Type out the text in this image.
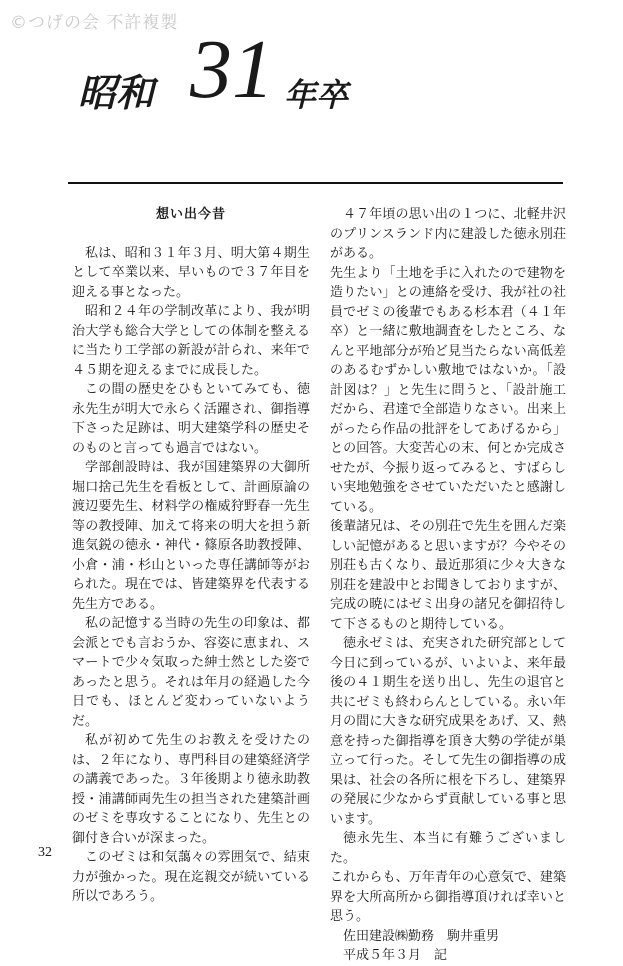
©つげの会 不許複製
昭和 31 年卒
想い出今昔

私は、昭和３１年３月、明大第４期生として卒業以来、早いもので３７年目を迎える事となった。

昭和２４年の学制改革により、我が明治大学も総合大学としての体制を整えるに当たり工学部の新設が計られ、来年で４５期を迎えるまでに成長した。

この間の歴史をひもといてみても、徳永先生が明大で永らく活躍され、御指導下さった足跡は、明大建築学科の歴史そのものと言っても過言ではない。

学部創設時は、我が国建築界の大御所堀口捨己先生を看板として、計画原論の渡辺要先生、材料学の権威狩野春一先生等の教授陣、加えて将来の明大を担う新進気鋭の徳永・神代・篠原各助教授陣、小倉・浦・杉山といった専任講師等がおられた。現在では、皆建築界を代表する先生方である。

私の記憶する当時の先生の印象は、都会派とでも言おうか、容姿に恵まれ、スマートで少々気取った紳士然とした姿であったと思う。それは年月の経過した今日でも、ほとんど変わっていないようだ。

私が初めて先生のお教えを受けたのは、２年になり、専門科目の建築経済学の講義であった。３年後期より徳永助教授・浦講師両先生の担当された建築計画のゼミを専攻することになり、先生との御付き合いが深まった。

このゼミは和気藹々の雰囲気で、結束力が強かった。現在迄親交が続いている所以であろう。

４７年頃の思い出の１つに、北軽井沢のプリンスランド内に建設した徳永別荘がある。

先生より「土地を手に入れたので建物を造りたい」との連絡を受け、我が社の社員でゼミの後輩でもある杉本君（４１年卒）と一緒に敷地調査をしたところ、なんと平地部分が殆ど見当たらない高低差のあるむずかしい敷地ではないか。「設計図は？」と先生に問うと、「設計施工だから、君達で全部造りなさい。出来上がったら作品の批評をしてあげるから」との回答。大変苦心の末、何とか完成させたが、今振り返ってみると、すばらしい実地勉強をさせていただいたと感謝している。

後輩諸兄は、その別荘で先生を囲んだ楽しい記憶があると思いますが？今やその別荘も古くなり、最近那須に少々大きな別荘を建設中とお聞きしておりますが、完成の暁にはゼミ出身の諸兄を御招待して下さるものと期待している。

徳永ゼミは、充実された研究部として今日に到っているが、いよいよ、来年最後の４１期生を送り出し、先生の退官と共にゼミも終わらんとしている。永い年月の間に大きな研究成果をあげ、又、熱意を持った御指導を頂き大勢の学徒が巣立って行った。そして先生の御指導の成果は、社会の各所に根を下ろし、建築界の発展に少なからず貢献している事と思います。

徳永先生、本当に有難うございました。

これからも、万年青年の心意気で、建築界を大所高所から御指導頂ければ幸いと思う。

佐田建設㈱勤務　駒井重男

平成５年３月　記

32
